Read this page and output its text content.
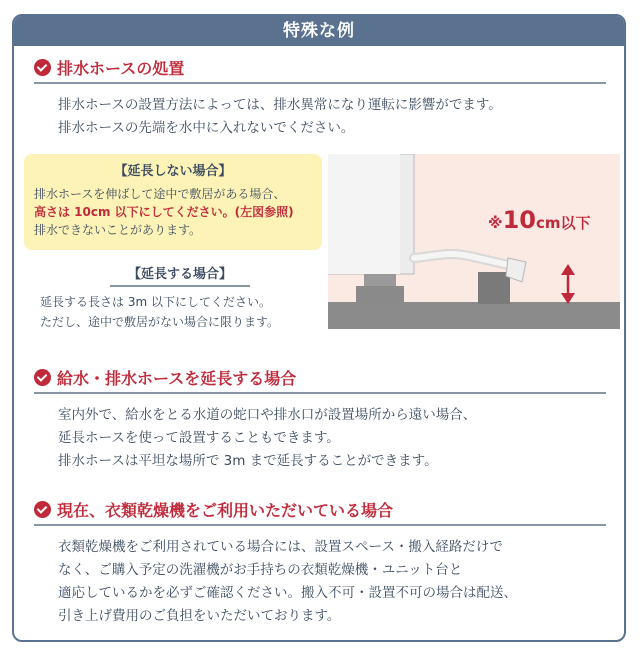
特殊な例
排水ホースの処置
排水ホースの設置方法によっては、排水異常になり運転に影響がでます。
排水ホースの先端を水中に入れないでください。
【延長しない場合】
排水ホースを伸ばして途中で敷居がある場合、
高さは 10cm 以下にしてください。(左図参照)
排水できないことがあります。
【延長する場合】
延長する長さは 3m 以下にしてください。
ただし、途中で敷居がない場合に限ります。
※10cm以下
給水・排水ホースを延長する場合
室内外で、給水をとる水道の蛇口や排水口が設置場所から遠い場合、
延長ホースを使って設置することもできます。
排水ホースは平坦な場所で 3m まで延長することができます。
現在、衣類乾燥機をご利用いただいている場合
衣類乾燥機をご利用されている場合には、設置スペース・搬入経路だけで
なく、ご購入予定の洗濯機がお手持ちの衣類乾燥機・ユニット台と
適応しているかを必ずご確認ください。搬入不可・設置不可の場合は配送、
引き上げ費用のご負担をいただいております。
